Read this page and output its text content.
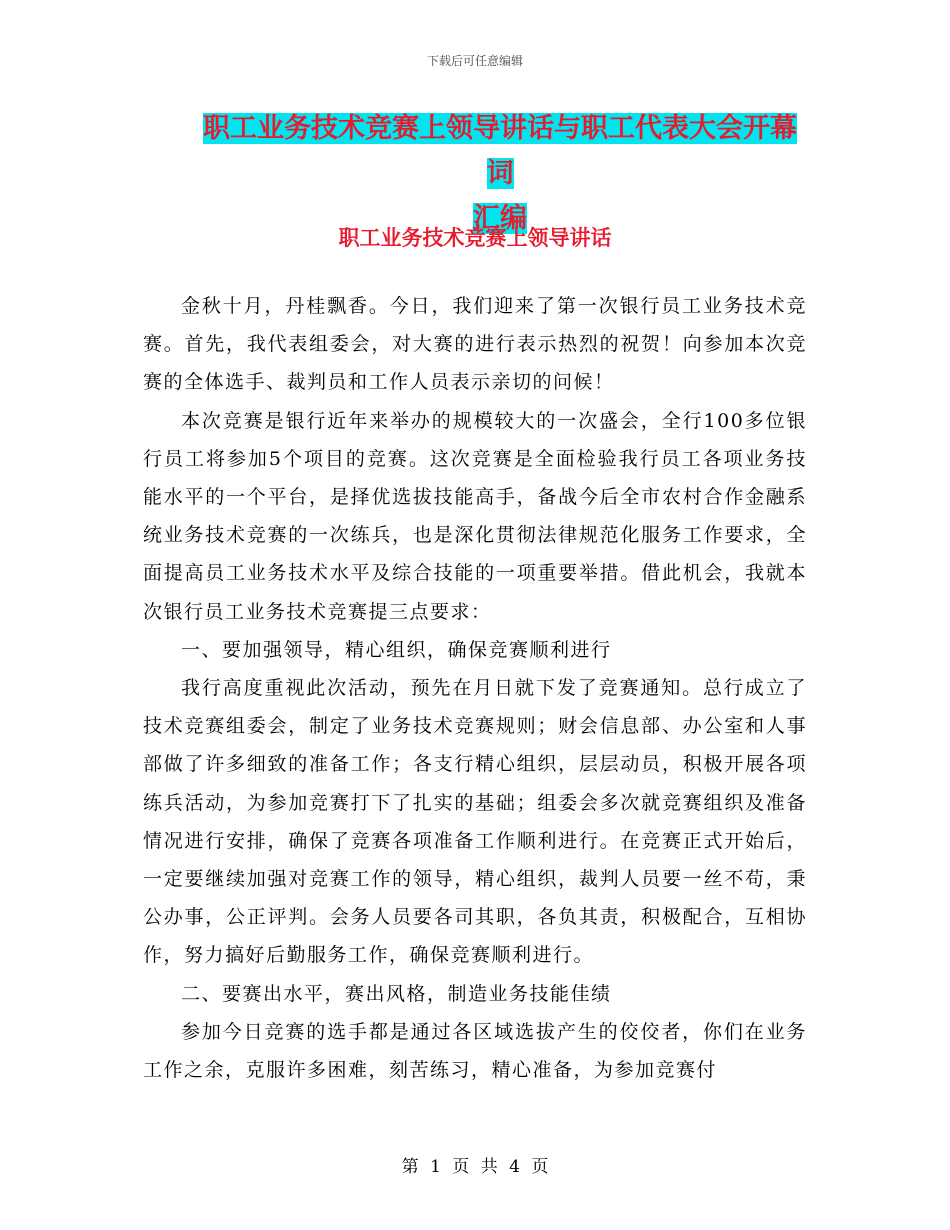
下载后可任意编辑
职工业务技术竞赛上领导讲话与职工代表大会开幕词
汇编
职工业务技术竞赛上领导讲话

金秋十月，丹桂飘香。今日，我们迎来了第一次银行员工业务技术竞赛。首先，我代表组委会，对大赛的进行表示热烈的祝贺！向参加本次竞赛的全体选手、裁判员和工作人员表示亲切的问候！

本次竞赛是银行近年来举办的规模较大的一次盛会，全行100多位银行员工将参加5个项目的竞赛。这次竞赛是全面检验我行员工各项业务技能水平的一个平台，是择优选拔技能高手，备战今后全市农村合作金融系统业务技术竞赛的一次练兵，也是深化贯彻法律规范化服务工作要求，全面提高员工业务技术水平及综合技能的一项重要举措。借此机会，我就本次银行员工业务技术竞赛提三点要求：

一、要加强领导，精心组织，确保竞赛顺利进行

我行高度重视此次活动，预先在月日就下发了竞赛通知。总行成立了技术竞赛组委会，制定了业务技术竞赛规则；财会信息部、办公室和人事部做了许多细致的准备工作；各支行精心组织，层层动员，积极开展各项练兵活动，为参加竞赛打下了扎实的基础；组委会多次就竞赛组织及准备情况进行安排，确保了竞赛各项准备工作顺利进行。在竞赛正式开始后，一定要继续加强对竞赛工作的领导，精心组织，裁判人员要一丝不苟，秉公办事，公正评判。会务人员要各司其职，各负其责，积极配合，互相协作，努力搞好后勤服务工作，确保竞赛顺利进行。

二、要赛出水平，赛出风格，制造业务技能佳绩

参加今日竞赛的选手都是通过各区域选拔产生的佼佼者，你们在业务工作之余，克服许多困难，刻苦练习，精心准备，为参加竞赛付

第 1 页 共 4 页
